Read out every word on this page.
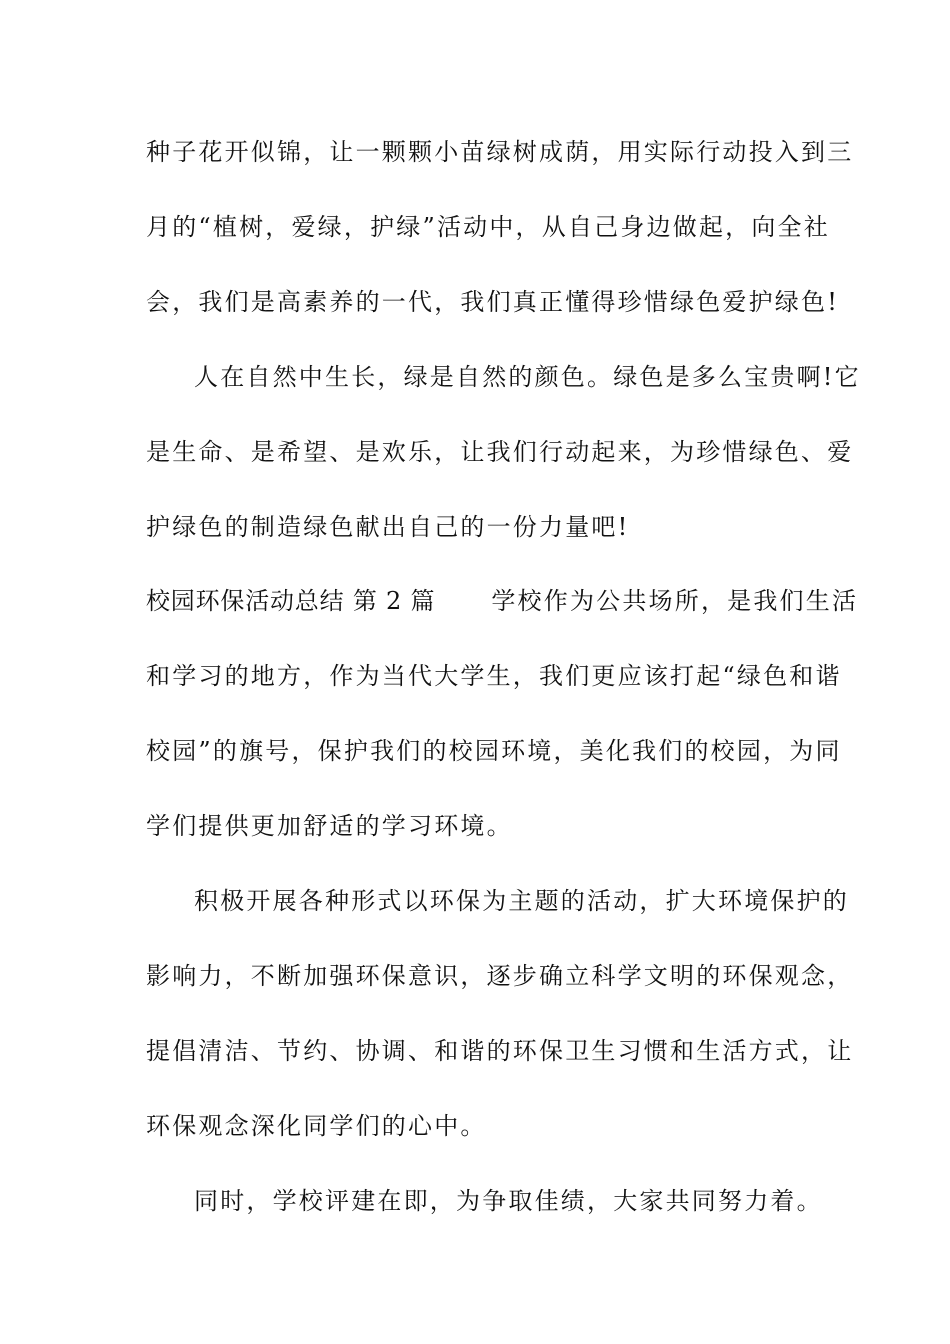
种子花开似锦，让一颗颗小苗绿树成荫，用实际行动投入到三
月的“植树，爱绿，护绿”活动中，从自己身边做起，向全社
会，我们是高素养的一代，我们真正懂得珍惜绿色爱护绿色!
人在自然中生长，绿是自然的颜色。绿色是多么宝贵啊!它
是生命、是希望、是欢乐，让我们行动起来，为珍惜绿色、爱
护绿色的制造绿色献出自己的一份力量吧!
校园环保活动总结 第 2 篇 学校作为公共场所，是我们生活
和学习的地方，作为当代大学生，我们更应该打起“绿色和谐
校园”的旗号，保护我们的校园环境，美化我们的校园，为同
学们提供更加舒适的学习环境。
积极开展各种形式以环保为主题的活动，扩大环境保护的
影响力，不断加强环保意识，逐步确立科学文明的环保观念，
提倡清洁、节约、协调、和谐的环保卫生习惯和生活方式，让
环保观念深化同学们的心中。
同时，学校评建在即，为争取佳绩，大家共同努力着。
